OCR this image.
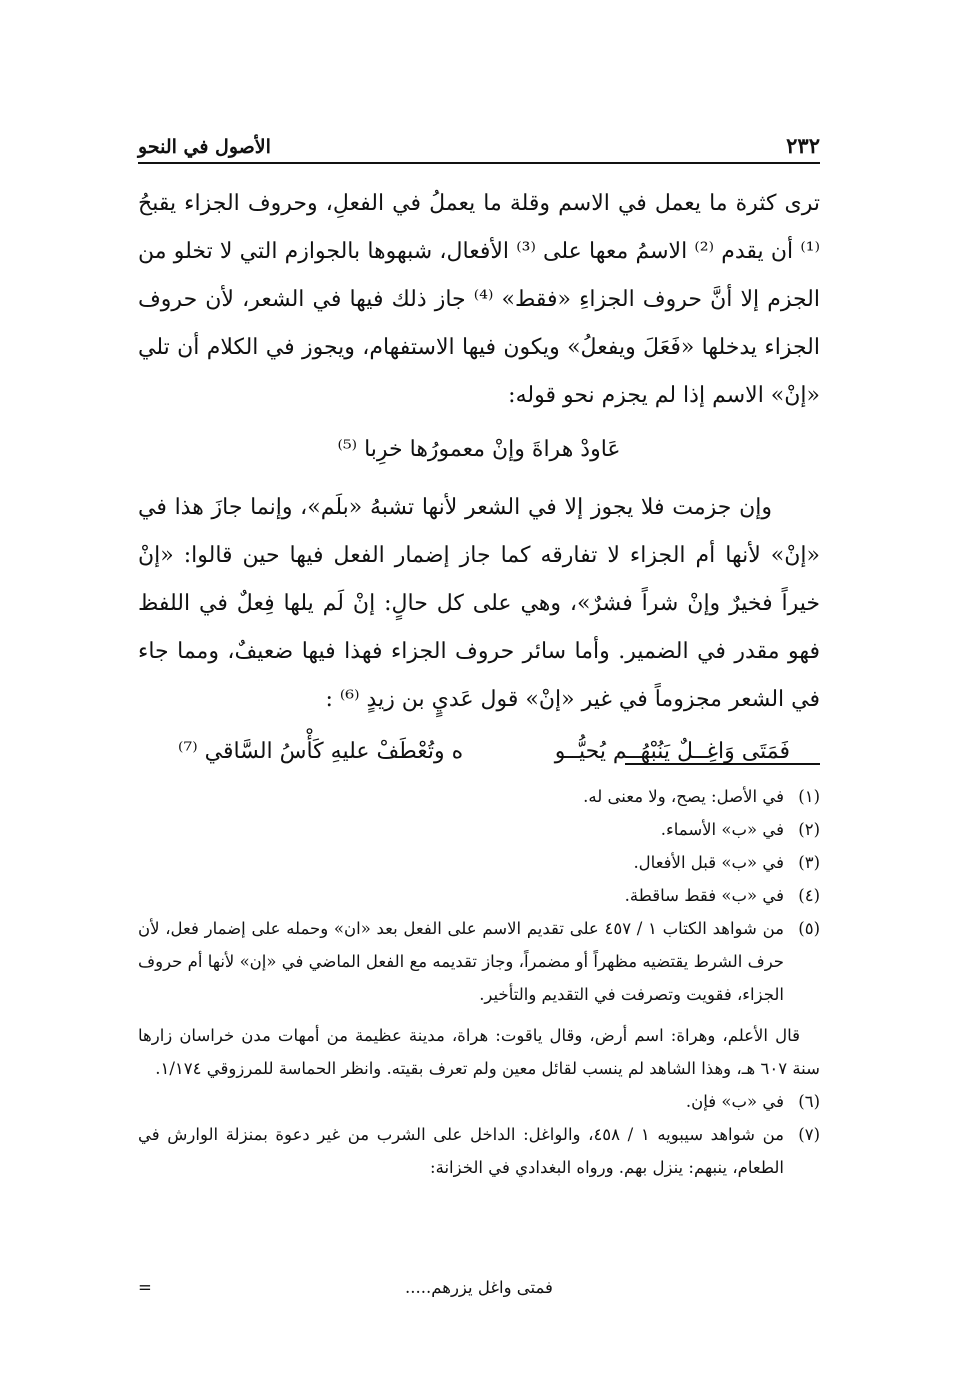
٢٣٢
الأصول في النحو

ترى كثرة ما يعمل في الاسم وقلة ما يعملُ في الفعلِ، وحروف الجزاء يقبحُ ⁽¹⁾ أن يقدم ⁽²⁾ الاسمُ معها على ⁽³⁾ الأفعال، شبهوها بالجوازم التي لا تخلو من الجزم إلا أنَّ حروف الجزاءِ «فقط» ⁽⁴⁾ جاز ذلك فيها في الشعر، لأن حروف الجزاء يدخلها «فَعَلَ ويفعلُ» ويكون فيها الاستفهام، ويجوز في الكلام أن تلي «إنْ» الاسم إذا لم يجزم نحو قوله:

عَاودْ هراةَ وإنْ معمورُها خرِبا ⁽⁵⁾

وإن جزمت فلا يجوز إلا في الشعر لأنها تشبهُ «بلَم»، وإنما جازَ هذا في «إنْ» لأنها أم الجزاء لا تفارقه كما جاز إضمار الفعل فيها حين قالوا: «إنْ خيراً فخيرٌ وإنْ شراً فشرٌ»، وهي على كل حالٍ: إنْ لَم يلها فِعلٌ في اللفظ فهو مقدر في الضمير. وأما سائر حروف الجزاء فهذا فيها ضعيفٌ، ومما جاء في الشعر مجزوماً في غير «إنْ» قول عَديٍ بن زيدٍ ⁽⁶⁾ :

فَمَتَى وَاغِــلٌ يَنُبْهُــم يُحيُّــو
ه وتُعْطَفْ عليهِ كَأْسُ السَّاقي ⁽⁷⁾

(١)
في الأصل: يصح، ولا معنى له.
(٢)
في «ب» الأسماء.
(٣)
في «ب» قبل الأفعال.
(٤)
في «ب» فقط ساقطة.
(٥)
من شواهد الكتاب ١ / ٤٥٧ على تقديم الاسم على الفعل بعد «ان» وحمله على إضمار فعل، لأن حرف الشرط يقتضيه مظهراً أو مضمراً، وجاز تقديمه مع الفعل الماضي في «إن» لأنها أم حروف الجزاء، فقويت وتصرفت في التقديم والتأخير.
قال الأعلم، وهراة: اسم أرض، وقال ياقوت: هراة، مدينة عظيمة من أمهات مدن خراسان زارها سنة ٦٠٧ هـ، وهذا الشاهد لم ينسب لقائل معين ولم تعرف بقيته. وانظر الحماسة للمرزوقي ١/١٧٤.
(٦)
في «ب» فإن.
(٧)
من شواهد سيبويه ١ / ٤٥٨، والواغل: الداخل على الشرب من غير دعوة بمنزلة الوارش في الطعام، ينبهم: ينزل بهم. ورواه البغدادي في الخزانة:
فمتى واغل يزرهم.....
=
